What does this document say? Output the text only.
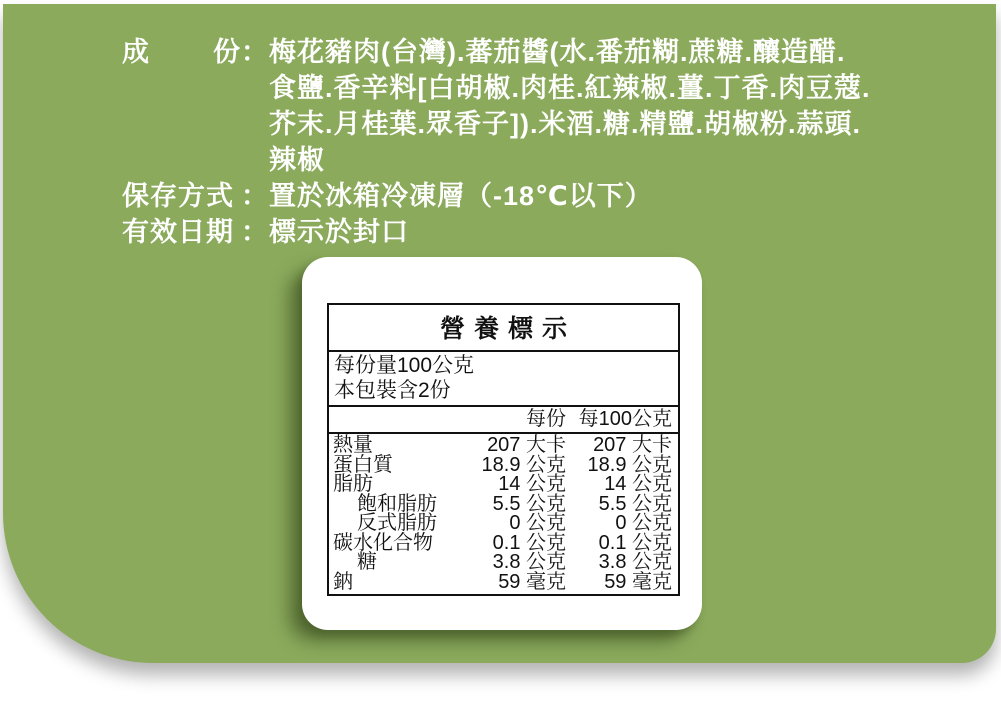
成 份 ： 梅花豬肉(台灣).蕃茄醬(水.番茄糊.蔗糖.釀造醋.
食鹽.香辛料[白胡椒.肉桂.紅辣椒.薑.丁香.肉豆蔻.
芥末.月桂葉.眾香子]).米酒.糖.精鹽.胡椒粉.蒜頭.
辣椒
保存方式 ： 置於冰箱冷凍層（-18℃以下）
有效日期 ： 標示於封口
營養標示
每份量100公克
本包裝含2份
每份 每100公克
熱量	207 大卡	207 大卡
蛋白質	18.9 公克	18.9 公克
脂肪	14 公克	14 公克
飽和脂肪	5.5 公克	5.5 公克
反式脂肪	0 公克	0 公克
碳水化合物	0.1 公克	0.1 公克
糖	3.8 公克	3.8 公克
鈉	59 毫克	59 毫克
